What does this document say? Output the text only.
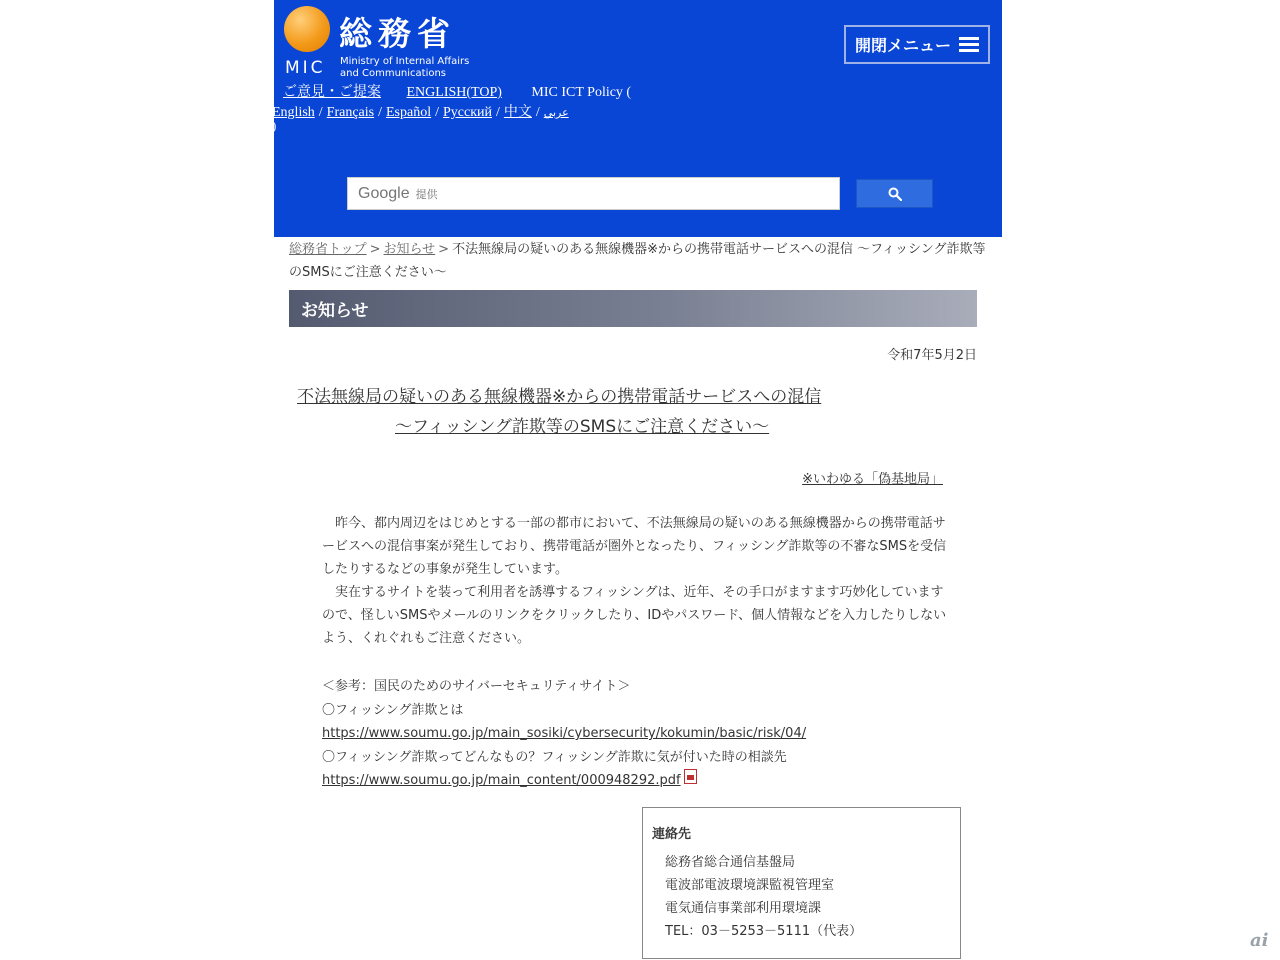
MIC
総務省
Ministry of Internal Affairs
and Communications
開閉メニュー
ご意見・ご提案 ENGLISH(TOP) MIC ICT Policy (
English / Français / Español / Русский / 中文 / عربي
)
Google 提供
総務省トップ > お知らせ > 不法無線局の疑いのある無線機器※からの携帯電話サービスへの混信 〜フィッシング詐欺等のSMSにご注意ください〜
お知らせ
令和7年5月2日
不法無線局の疑いのある無線機器※からの携帯電話サービスへの混信
〜フィッシング詐欺等のSMSにご注意ください〜
※いわゆる「偽基地局」

昨今、都内周辺をはじめとする一部の都市において、不法無線局の疑いのある無線機器からの携帯電話サービスへの混信事案が発生しており、携帯電話が圏外となったり、フィッシング詐欺等の不審なSMSを受信したりするなどの事象が発生しています。

実在するサイトを装って利用者を誘導するフィッシングは、近年、その手口がますます巧妙化していますので、怪しいSMSやメールのリンクをクリックしたり、IDやパスワード、個人情報などを入力したりしないよう、くれぐれもご注意ください。

＜参考：国民のためのサイバーセキュリティサイト＞
〇フィッシング詐欺とは
https://www.soumu.go.jp/main_sosiki/cybersecurity/kokumin/basic/risk/04/
〇フィッシング詐欺ってどんなもの？フィッシング詐欺に気が付いた時の相談先
https://www.soumu.go.jp/main_content/000948292.pdf
連絡先
総務省総合通信基盤局
電波部電波環境課監視管理室
電気通信事業部利用環境課
TEL：03－5253－5111（代表）	ai
